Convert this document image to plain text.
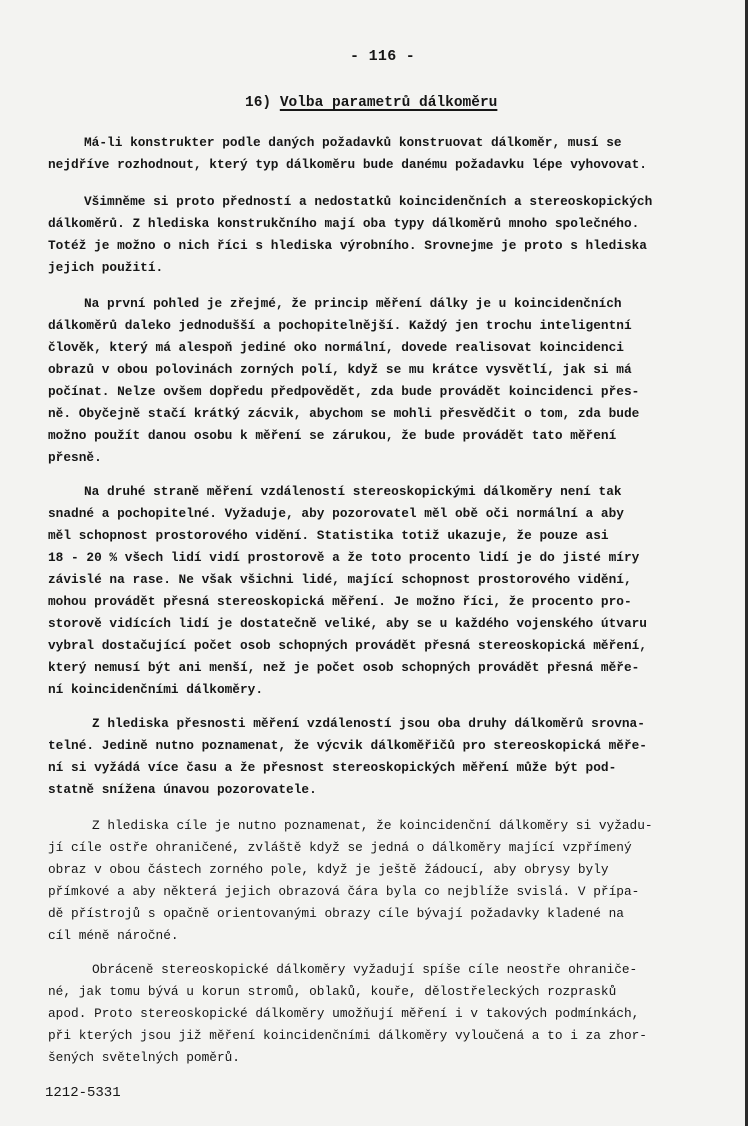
- 116 -
16) Volba parametrů dálkoměru
Má-li konstrukter podle daných požadavků konstruovat dálkoměr, musí se
nejdříve rozhodnout, který typ dálkoměru bude danému požadavku lépe vyhovovat.
Všimněme si proto předností a nedostatků koincidenčních a stereoskopických
dálkoměrů. Z hlediska konstrukčního mají oba typy dálkoměrů mnoho společného.
Totéž je možno o nich říci s hlediska výrobního. Srovnejme je proto s hlediska
jejich použití.
Na první pohled je zřejmé, že princip měření dálky je u koincidenčních
dálkoměrů daleko jednodušší a pochopitelnější. Každý jen trochu inteligentní
člověk, který má alespoň jediné oko normální, dovede realisovat koincidenci
obrazů v obou polovinách zorných polí, když se mu krátce vysvětlí, jak si má
počínat. Nelze ovšem dopředu předpovědět, zda bude provádět koincidenci přes-
ně. Obyčejně stačí krátký zácvik, abychom se mohli přesvědčit o tom, zda bude
možno použít danou osobu k měření se zárukou, že bude provádět tato měření
přesně.
Na druhé straně měření vzdáleností stereoskopickými dálkoměry není tak
snadné a pochopitelné. Vyžaduje, aby pozorovatel měl obě oči normální a aby
měl schopnost prostorového vidění. Statistika totiž ukazuje, že pouze asi
18 - 20 % všech lidí vidí prostorově a že toto procento lidí je do jisté míry
závislé na rase. Ne však všichni lidé, mající schopnost prostorového vidění,
mohou provádět přesná stereoskopická měření. Je možno říci, že procento pro-
storově vidících lidí je dostatečně veliké, aby se u každého vojenského útvaru
vybral dostačující počet osob schopných provádět přesná stereoskopická měření,
který nemusí být ani menší, než je počet osob schopných provádět přesná měře-
ní koincidenčními dálkoměry.
Z hlediska přesnosti měření vzdáleností jsou oba druhy dálkoměrů srovna-
telné. Jedině nutno poznamenat, že výcvik dálkoměřičů pro stereoskopická měře-
ní si vyžádá více času a že přesnost stereoskopických měření může být pod-
statně snížena únavou pozorovatele.
Z hlediska cíle je nutno poznamenat, že koincidenční dálkoměry si vyžadu-
jí cíle ostře ohraničené, zvláště když se jedná o dálkoměry mající vzpřímený
obraz v obou částech zorného pole, když je ještě žádoucí, aby obrysy byly
přímkové a aby některá jejich obrazová čára byla co nejblíže svislá. V přípa-
dě přístrojů s opačně orientovanými obrazy cíle bývají požadavky kladené na
cíl méně náročné.
Obráceně stereoskopické dálkoměry vyžadují spíše cíle neostře ohraniče-
né, jak tomu bývá u korun stromů, oblaků, kouře, dělostřeleckých rozprasků
apod. Proto stereoskopické dálkoměry umožňují měření i v takových podmínkách,
při kterých jsou již měření koincidenčními dálkoměry vyloučená a to i za zhor-
šených světelných poměrů.
1212-5331
